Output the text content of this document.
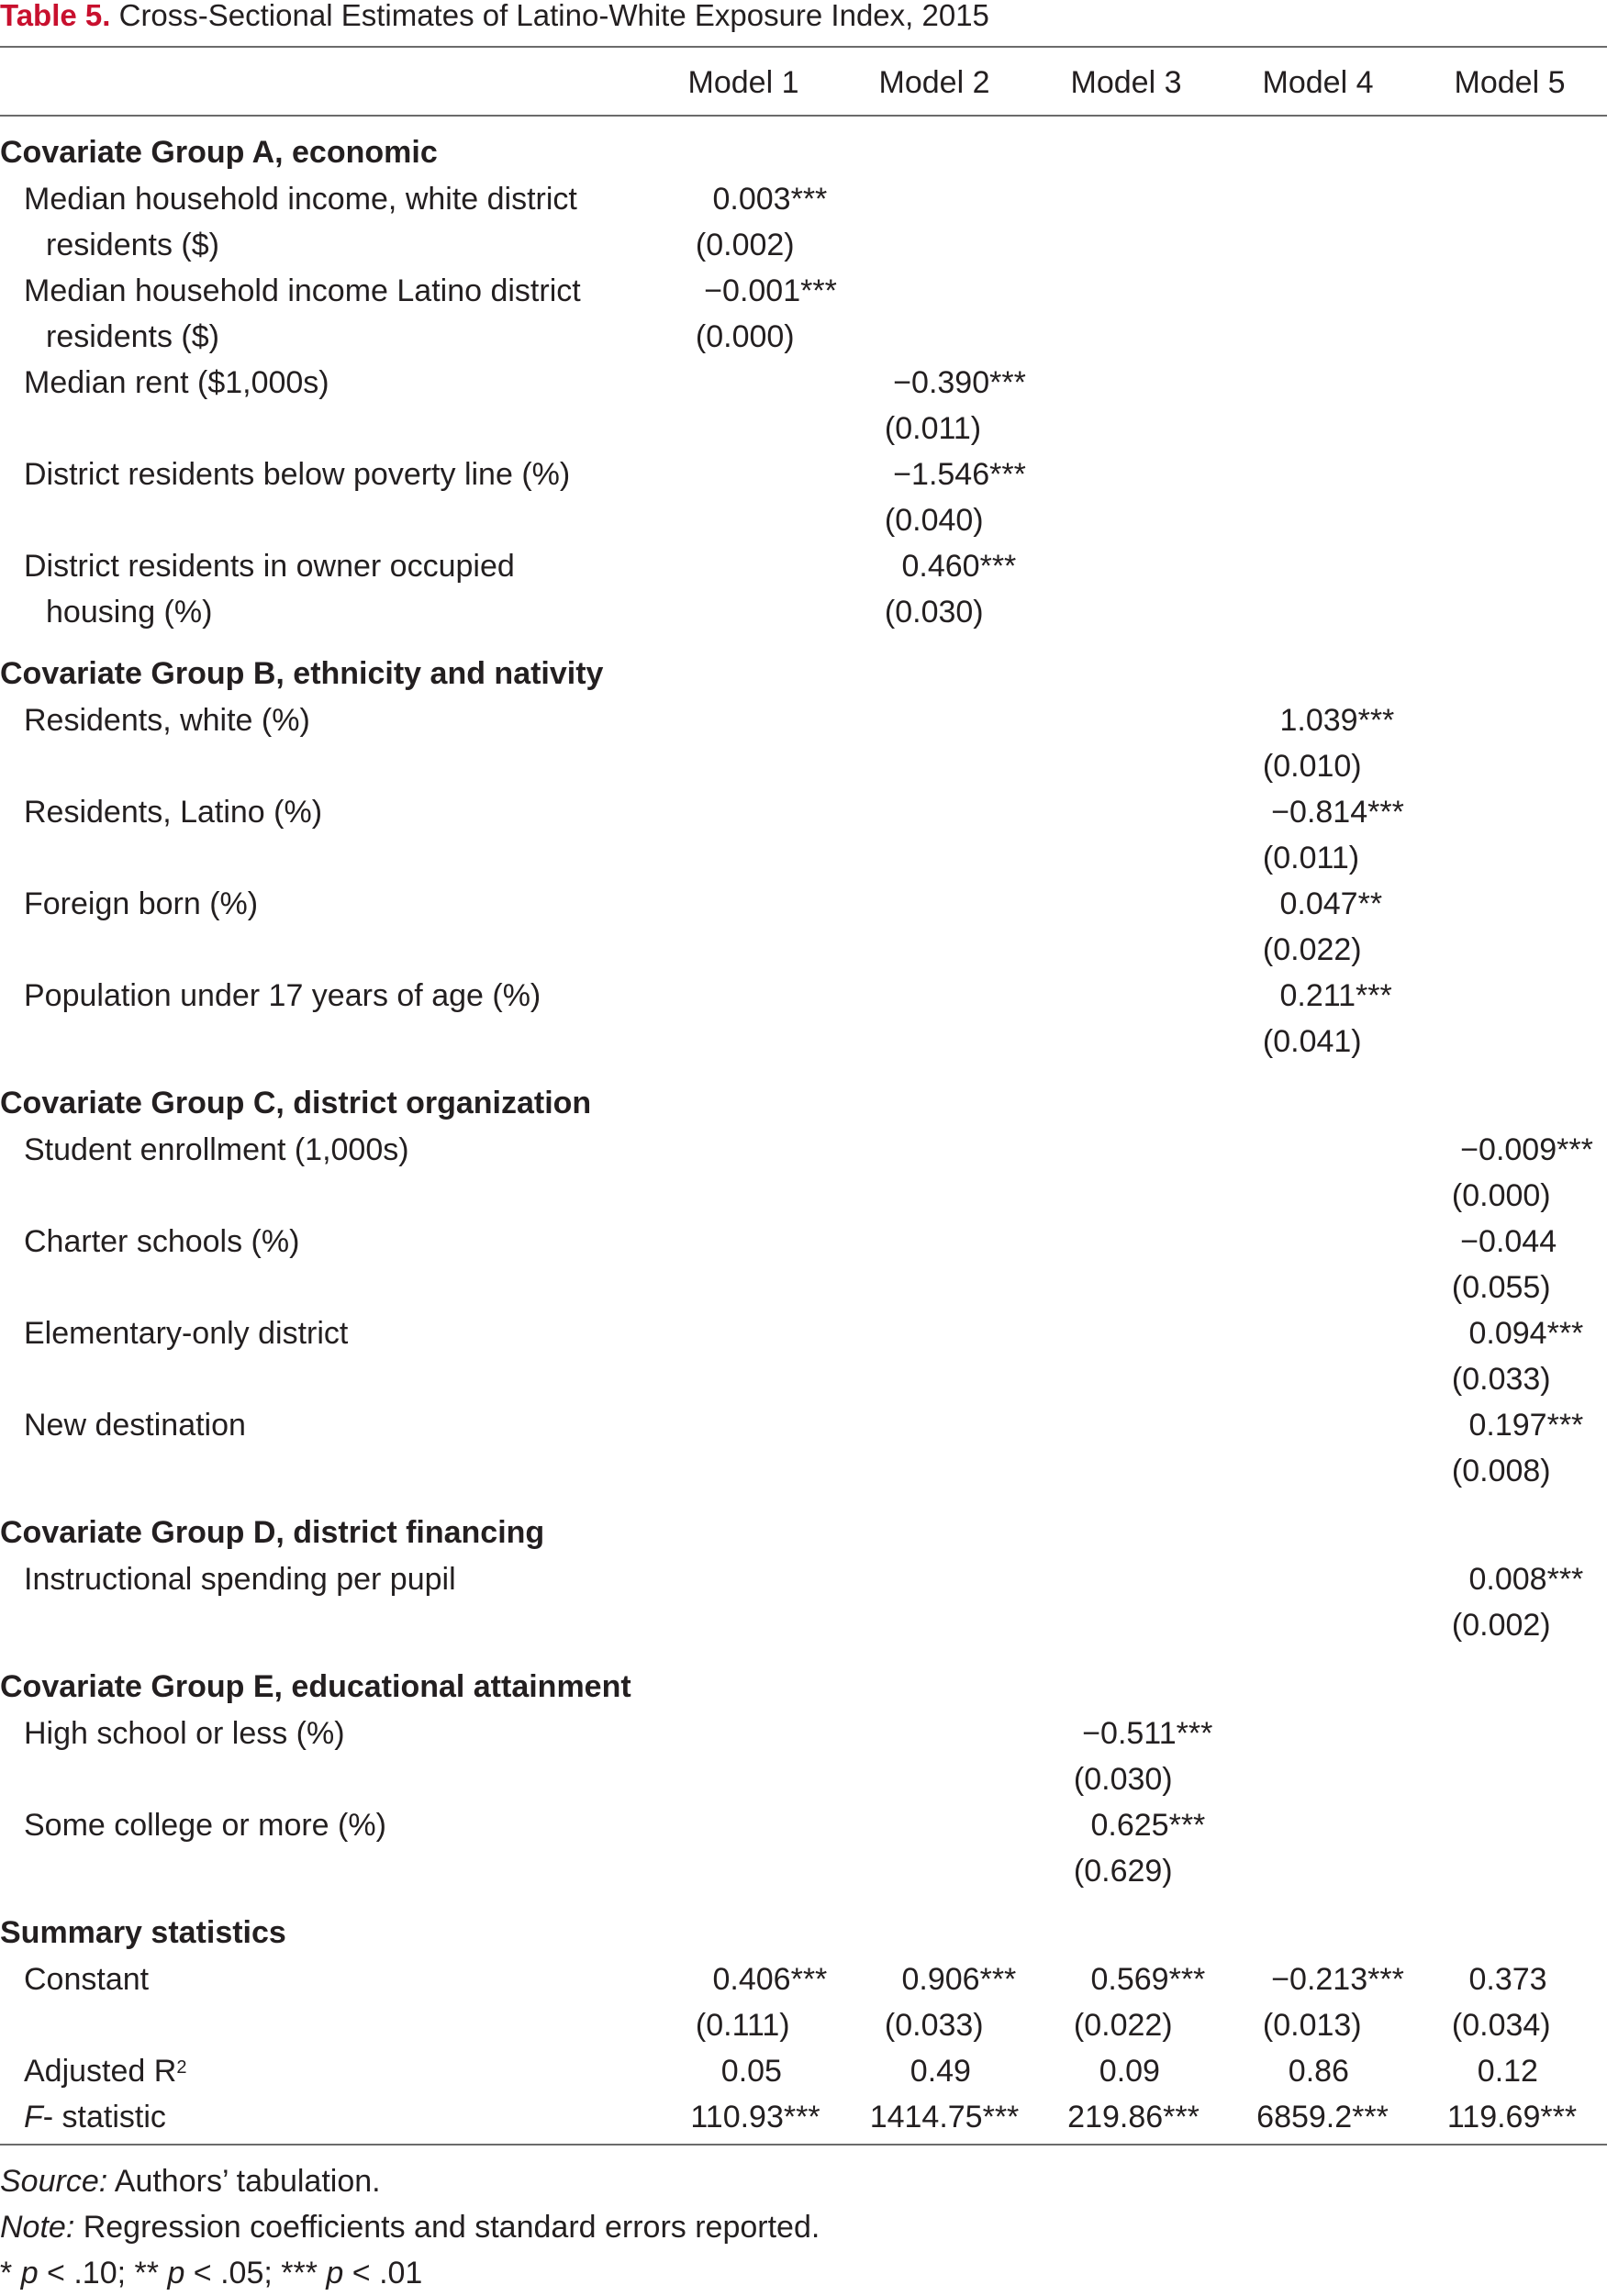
Table 5. Cross-Sectional Estimates of Latino-White Exposure Index, 2015
Model 1	Model 2	Model 3	Model 4	Model 5
Covariate Group A, economic					
Median household income, white district	0.003***				

residents ($)	(0.002)				

Median household income Latino district	−0.001***				

residents ($)	(0.000)				

Median rent ($1,000s)		−0.390***			

		(0.011)			

District residents below poverty line (%)		−1.546***			

		(0.040)			

District residents in owner occupied		0.460***			

housing (%)		(0.030)			

Covariate Group B, ethnicity and nativity					
Residents, white (%)				1.039***	

				(0.010)	

Residents, Latino (%)				−0.814***	

				(0.011)	

Foreign born (%)				0.047**	

				(0.022)	

Population under 17 years of age (%)				0.211***	

				(0.041)	

Covariate Group C, district organization					
Student enrollment (1,000s)					−0.009***

					(0.000)

Charter schools (%)					−0.044

					(0.055)

Elementary-only district					0.094***

					(0.033)

New destination					0.197***

					(0.008)

Covariate Group D, district financing					
Instructional spending per pupil					0.008***

					(0.002)

Covariate Group E, educational attainment					
High school or less (%)			−0.511***		

			(0.030)		

Some college or more (%)			0.625***		

			(0.629)		

Summary statistics					
Constant	0.406***	0.906***	0.569***	−0.213***	0.373

	(0.111)	(0.033)	(0.022)	(0.013)	(0.034)

Adjusted $R^2$	0.05	0.49	0.09	0.86	0.12

F- statistic	110.93***	1414.75***	219.86***	6859.2***	119.69***
Source: Authors’ tabulation.
Note: Regression coefficients and standard errors reported.
* p < .10; ** p < .05; *** p < .01
